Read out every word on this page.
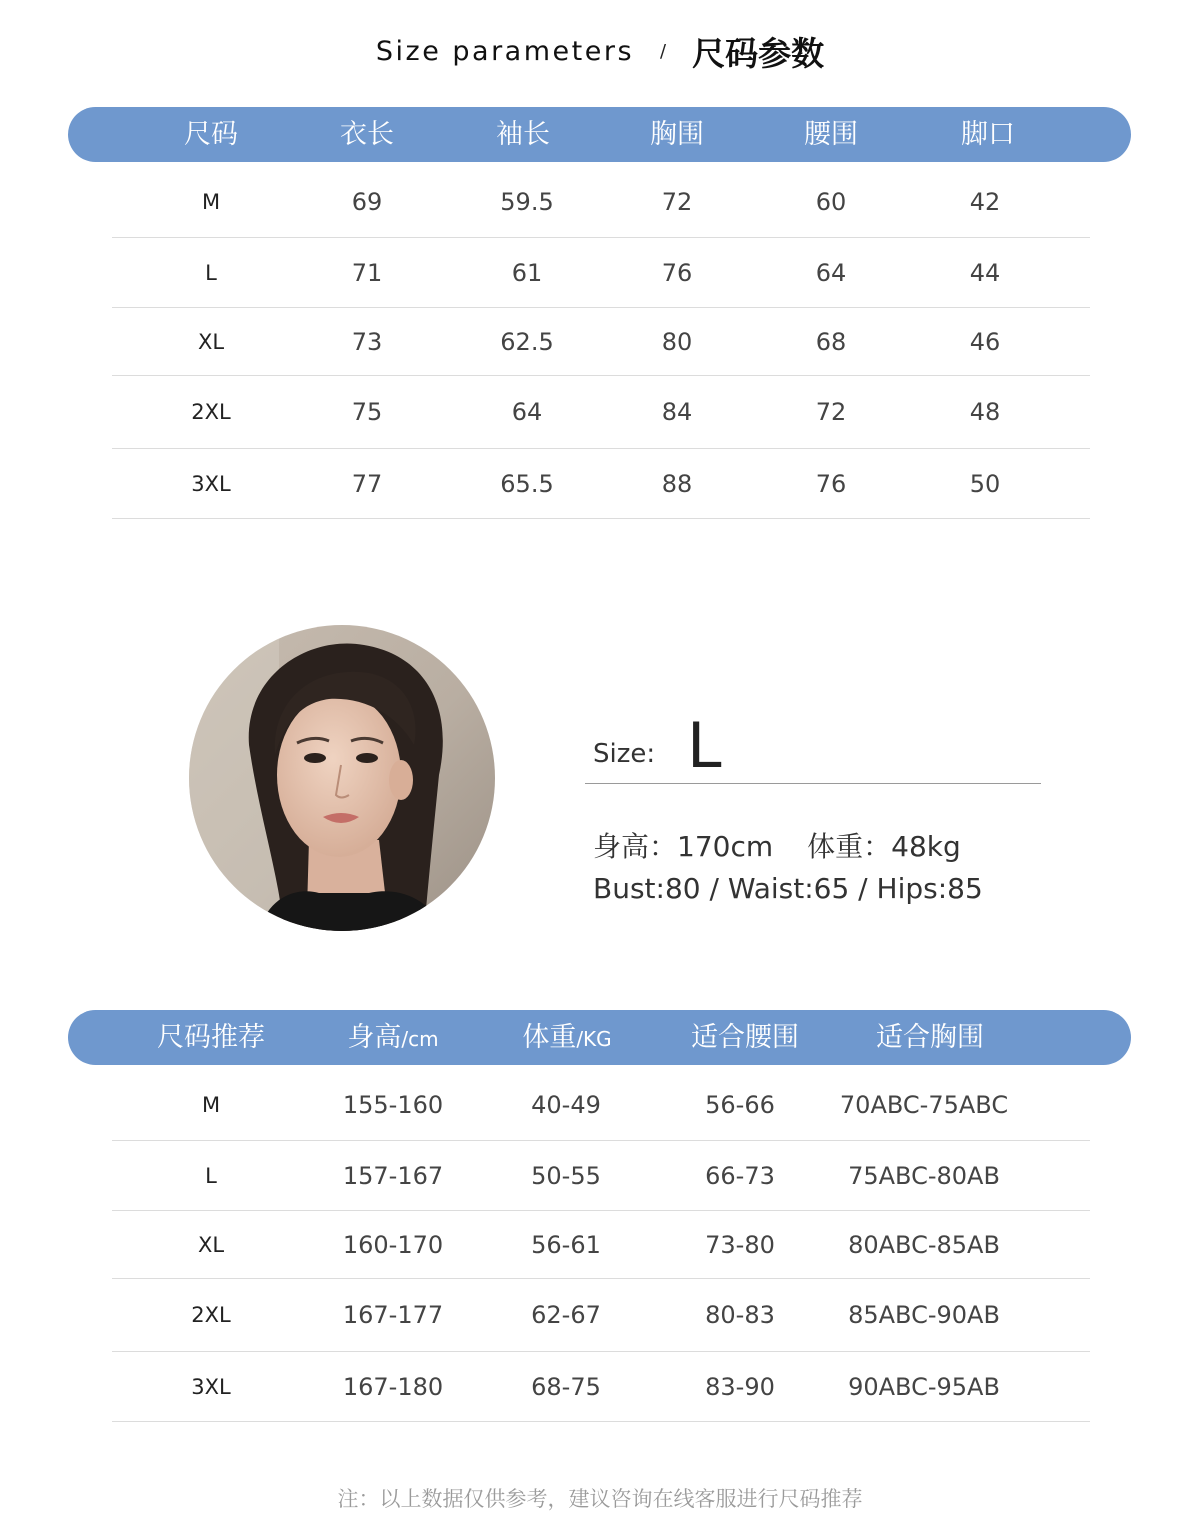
Size parameters / 尺码参数
尺码	衣长	袖长	胸围	腰围	脚口
M	69	59.5	72	60	42
L	71	61	76	64	44
XL	73	62.5	80	68	46
2XL	75	64	84	72	48
3XL	77	65.5	88	76	50
Size: L
身高：170cm 体重：48kg
Bust:80 / Waist:65 / Hips:85
尺码推荐	身高/cm	体重/KG	适合腰围	适合胸围
M	155-160	40-49	56-66	70ABC-75ABC
L	157-167	50-55	66-73	75ABC-80AB
XL	160-170	56-61	73-80	80ABC-85AB
2XL	167-177	62-67	80-83	85ABC-90AB
3XL	167-180	68-75	83-90	90ABC-95AB
注：以上数据仅供参考，建议咨询在线客服进行尺码推荐
